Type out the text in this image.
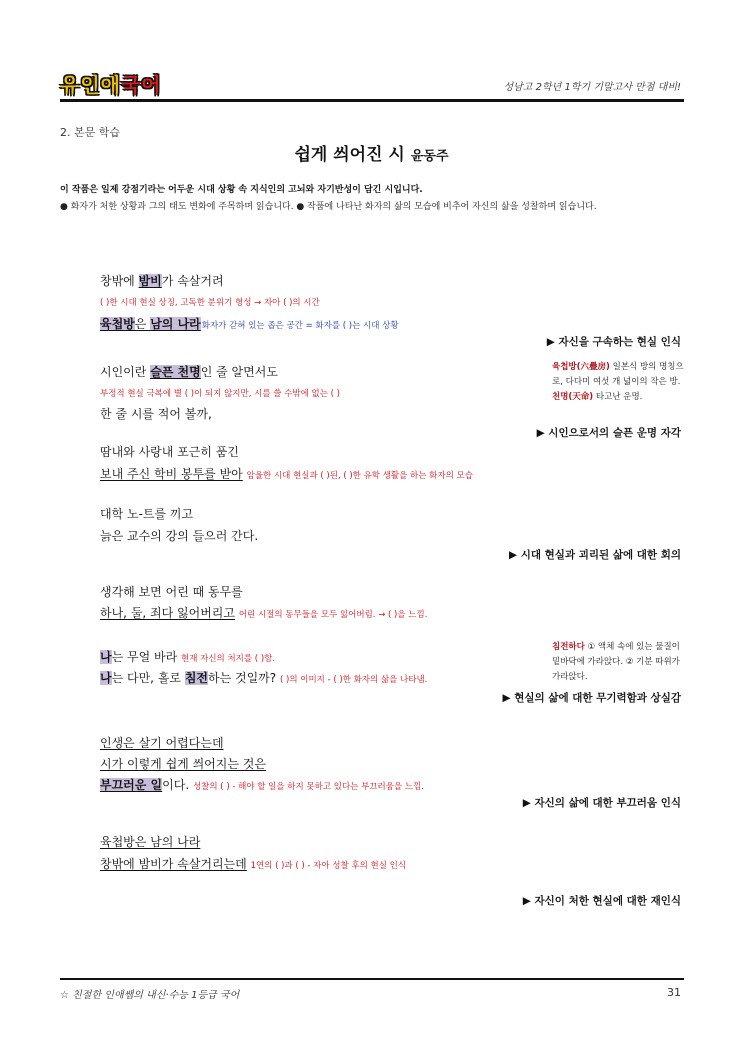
유인애 국어	성남고 2학년 1학기 기말고사 만점 대비!
2. 본문 학습
쉽게 씌어진 시 윤동주
이 작품은 일제 강점기라는 어두운 시대 상황 속 지식인의 고뇌와 자기반성이 담긴 시입니다.
● 화자가 처한 상황과 그의 태도 변화에 주목하며 읽습니다. ● 작품에 나타난 화자의 삶의 모습에 비추어 자신의 삶을 성찰하며 읽습니다.
창밖에 밤비가 속살거려
( )한 시대 현실 상징, 고독한 분위기 형성 → 자아 ( )의 시간
육첩방은 남의 나라화자가 갇혀 있는 좁은 공간 = 화자를 ( )는 시대 상황
▶ 자신을 구속하는 현실 인식
시인이란 슬픈 천명인 줄 알면서도
부정적 현실 극복에 별 ( )이 되지 않지만, 시를 쓸 수밖에 없는 ( )
한 줄 시를 적어 볼까,
육첩방(六疊房) 일본식 방의 명칭으로, 다다미 여섯 개 넓이의 작은 방.
천명(天命) 타고난 운명.
▶ 시인으로서의 슬픈 운명 자각
땀내와 사랑내 포근히 품긴
보내 주신 학비 봉투를 받아 암울한 시대 현실과 ( )된, ( )한 유학 생활을 하는 화자의 모습
대학 노-트를 끼고
늙은 교수의 강의 들으러 간다.
▶ 시대 현실과 괴리된 삶에 대한 회의
생각해 보면 어린 때 동무를
하나, 둘, 죄다 잃어버리고 어린 시절의 동무들을 모두 잃어버림. → ( )을 느낌.
침전하다 ① 액체 속에 있는 물질이 밑바닥에 가라앉다. ② 기분 따위가 가라앉다.
나는 무얼 바라 현재 자신의 처지를 ( )함.
나는 다만, 홀로 침전하는 것일까? ( )의 이미지 - ( )한 화자의 삶을 나타냄.
▶ 현실의 삶에 대한 무기력함과 상실감
인생은 살기 어렵다는데
시가 이렇게 쉽게 씌어지는 것은
부끄러운 일이다. 성찰의 ( ) - 해야 할 일을 하지 못하고 있다는 부끄러움을 느낌.
▶ 자신의 삶에 대한 부끄러움 인식
육첩방은 남의 나라
창밖에 밤비가 속살거리는데 1연의 ( )과 ( ) - 자아 성찰 후의 현실 인식
▶ 자신이 처한 현실에 대한 재인식
☆ 친절한 인애쌤의 내신·수능 1등급 국어	31
